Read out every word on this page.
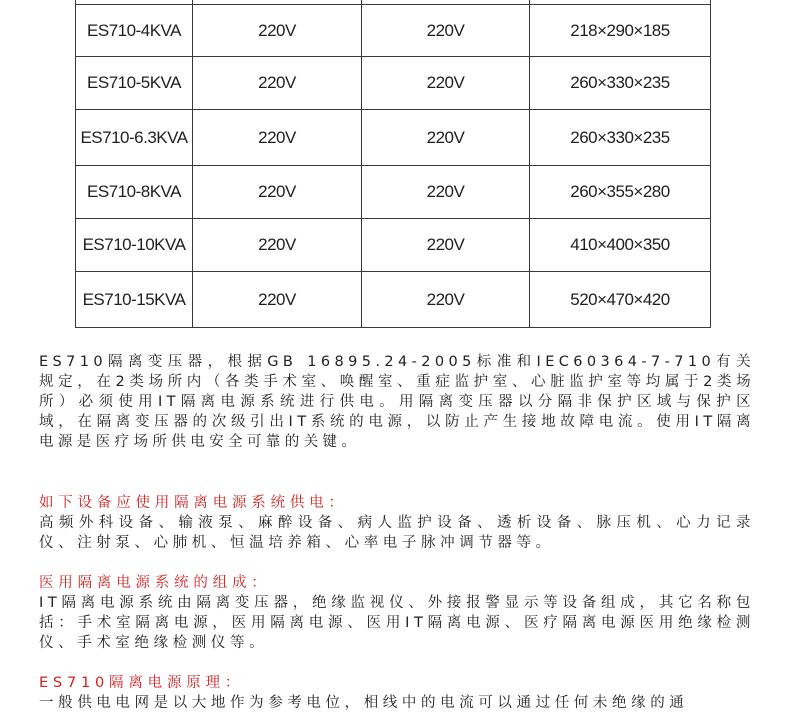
ES710-4KVA	220V	220V	218×290×185
ES710-5KVA	220V	220V	260×330×235
ES710-6.3KVA	220V	220V	260×330×235
ES710-8KVA	220V	220V	260×355×280
ES710-10KVA	220V	220V	410×400×350
ES710-15KVA	220V	220V	520×470×420

ES710隔离变压器，根据GB 16895.24-2005标准和IEC60364-7-710有关规定，在2类场所内（各类手术室、唤醒室、重症监护室、心脏监护室等均属于2类场所）必须使用IT隔离电源系统进行供电。用隔离变压器以分隔非保护区域与保护区域，在隔离变压器的次级引出IT系统的电源，以防止产生接地故障电流。使用IT隔离电源是医疗场所供电安全可靠的关键。

如下设备应使用隔离电源系统供电：

高频外科设备、输液泵、麻醉设备、病人监护设备、透析设备、脉压机、心力记录仪、注射泵、心肺机、恒温培养箱、心率电子脉冲调节器等。

医用隔离电源系统的组成：

IT隔离电源系统由隔离变压器，绝缘监视仪、外接报警显示等设备组成，其它名称包括：手术室隔离电源，医用隔离电源、医用IT隔离电源、医疗隔离电源医用绝缘检测仪、手术室绝缘检测仪等。

ES710隔离电源原理：

一般供电电网是以大地作为参考电位，相线中的电流可以通过任何未绝缘的通
